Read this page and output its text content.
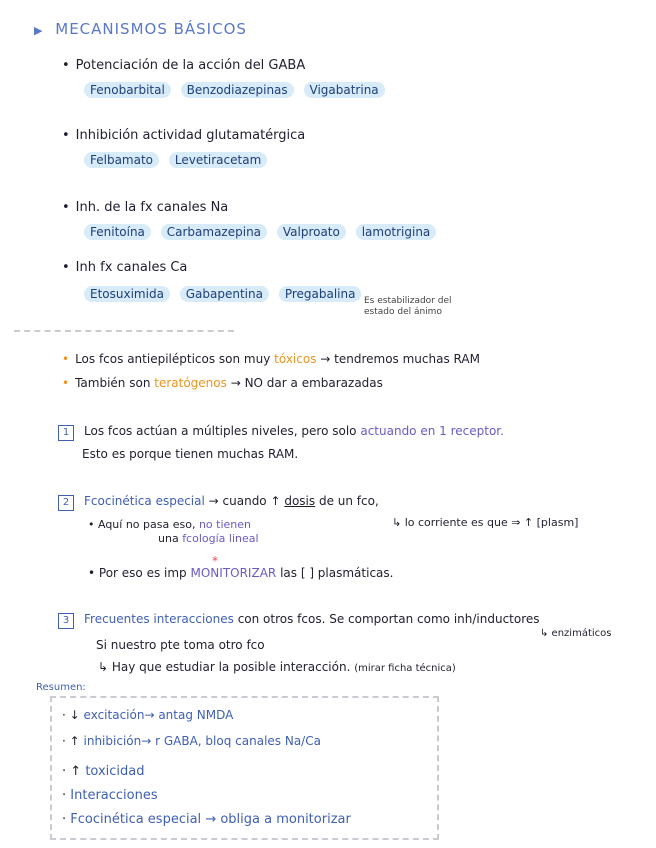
▶ MECANISMOS BÁSICOS
• Potenciación de la acción del GABA
Fenobarbital Benzodiazepinas Vigabatrina
• Inhibición actividad glutamatérgica
Felbamato Levetiracetam
• Inh. de la fx canales Na
Fenitoína Carbamazepina Valproato lamotrigina
• Inh fx canales Ca
Etosuximida Gabapentina Pregabalina Es estabilizador del
estado del ánimo
• Los fcos antiepilépticos son muy tóxicos → tendremos muchas RAM
• También son teratógenos → NO dar a embarazadas
1 Los fcos actúan a múltiples niveles, pero solo actuando en 1 receptor.
Esto es porque tienen muchas RAM.
2 Fcocinética especial → cuando ↑ dosis de un fco,
• Aquí no pasa eso, no tienen
una fcología lineal
↳ lo corriente es que ⇒ ↑ [plasm]
• Por eso es imp MONITORIZAR las [ ] plasmáticas.
*
3 Frecuentes interacciones con otros fcos. Se comportan como inh/inductores
↳ enzimáticos
Si nuestro pte toma otro fco
↳ Hay que estudiar la posible interacción. (mirar ficha técnica)
Resumen:
· ↓ excitación→ antag NMDA
· ↑ inhibición→ r GABA, bloq canales Na/Ca
· ↑ toxicidad
· Interacciones
· Fcocinética especial → obliga a monitorizar
